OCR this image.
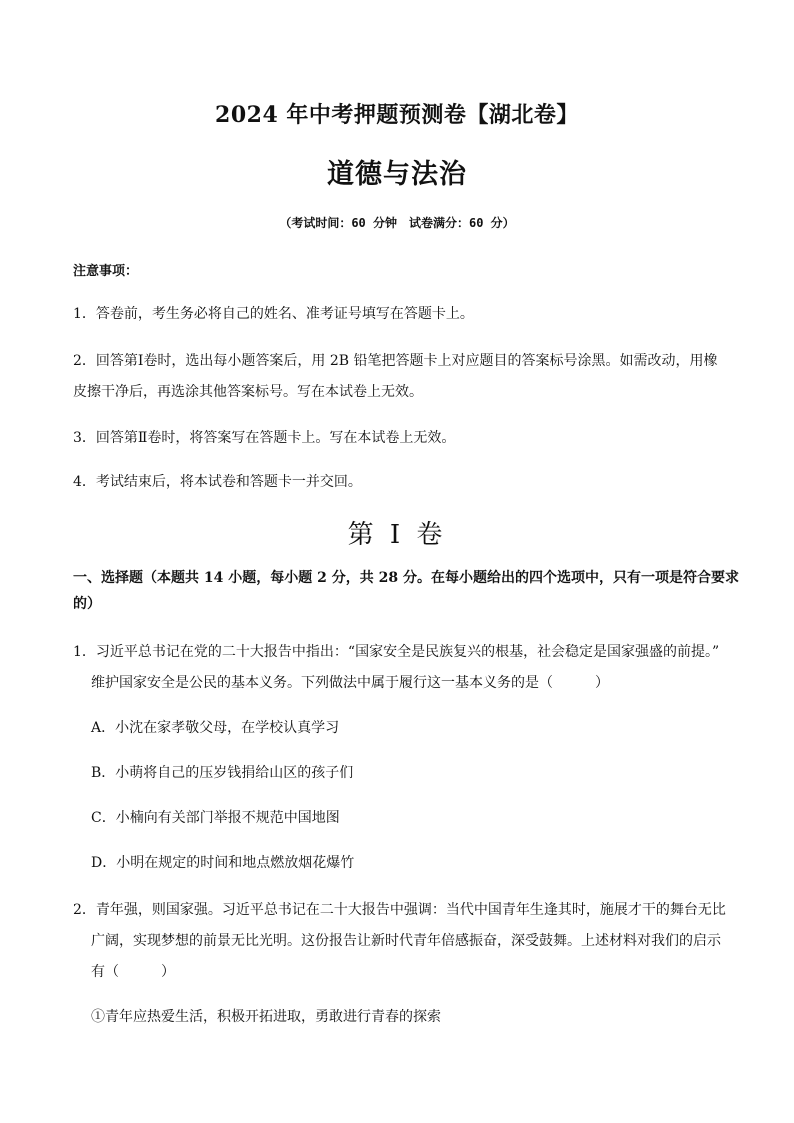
2024 年中考押题预测卷【湖北卷】
道德与法治
（考试时间：60 分钟　试卷满分：60 分）
注意事项：
1．答卷前，考生务必将自己的姓名、准考证号填写在答题卡上。
2．回答第Ⅰ卷时，选出每小题答案后，用 2B 铅笔把答题卡上对应题目的答案标号涂黑。如需改动，用橡
皮擦干净后，再选涂其他答案标号。写在本试卷上无效。
3．回答第Ⅱ卷时，将答案写在答题卡上。写在本试卷上无效。
4．考试结束后，将本试卷和答题卡一并交回。
第 I 卷
一、选择题（本题共 14 小题，每小题 2 分，共 28 分。在每小题给出的四个选项中，只有一项是符合要求
的）
1．习近平总书记在党的二十大报告中指出：“国家安全是民族复兴的根基，社会稳定是国家强盛的前提。”
维护国家安全是公民的基本义务。下列做法中属于履行这一基本义务的是（　　　）
A．小沈在家孝敬父母，在学校认真学习
B．小萌将自己的压岁钱捐给山区的孩子们
C．小楠向有关部门举报不规范中国地图
D．小明在规定的时间和地点燃放烟花爆竹
2．青年强，则国家强。习近平总书记在二十大报告中强调：当代中国青年生逢其时，施展才干的舞台无比
广阔，实现梦想的前景无比光明。这份报告让新时代青年倍感振奋，深受鼓舞。上述材料对我们的启示
有（　　　）
①青年应热爱生活，积极开拓进取，勇敢进行青春的探索
